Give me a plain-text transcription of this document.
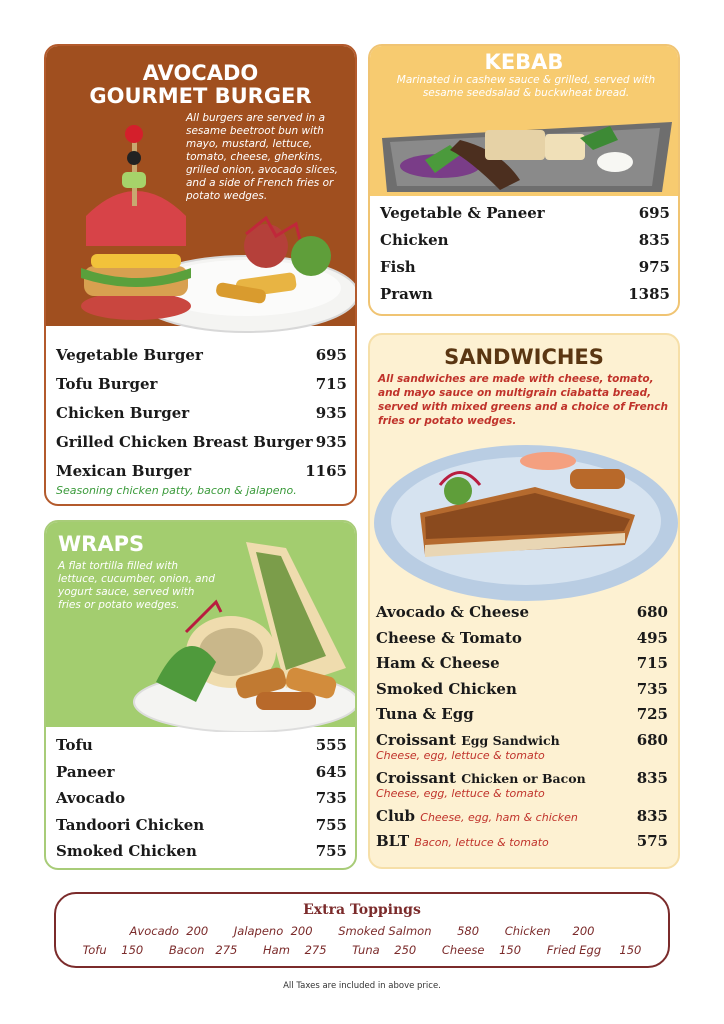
AVOCADO
GOURMET BURGER
All burgers are served in a sesame beetroot bun with mayo, mustard, lettuce, tomato, cheese, gherkins, grilled onion, avocado slices, and a side of French fries or potato wedges.
Vegetable Burger	695
Tofu Burger	715
Chicken Burger	935
Grilled Chicken Breast Burger 935
Mexican Burger	1165
Seasoning chicken patty, bacon & jalapeno.
KEBAB
Marinated in cashew sauce & grilled, served with sesame seedsalad & buckwheat bread.
Vegetable & Paneer	695
Chicken	835
Fish	975
Prawn	1385
WRAPS
A flat tortilla filled with lettuce, cucumber, onion, and yogurt sauce, served with fries or potato wedges.
Tofu	555
Paneer	645
Avocado	735
Tandoori Chicken	755
Smoked Chicken	755
SANDWICHES
All sandwiches are made with cheese, tomato, and mayo sauce on multigrain ciabatta bread, served with mixed greens and a choice of French fries or potato wedges.
Avocado & Cheese	680
Cheese & Tomato	495
Ham & Cheese	715
Smoked Chicken	735
Tuna & Egg	725
Croissant Egg Sandwich	680
Cheese, egg, lettuce & tomato
Croissant Chicken or Bacon	835
Cheese, egg, lettuce & tomato
Club Cheese, egg, ham & chicken	835
BLT Bacon, lettuce & tomato	575
Extra Toppings
Avocado 200 Jalapeno 200 Smoked Salmon 580 Chicken 200
Tofu 150 Bacon 275 Ham 275 Tuna 250 Cheese 150 Fried Egg 150
All Taxes are included in above price.
